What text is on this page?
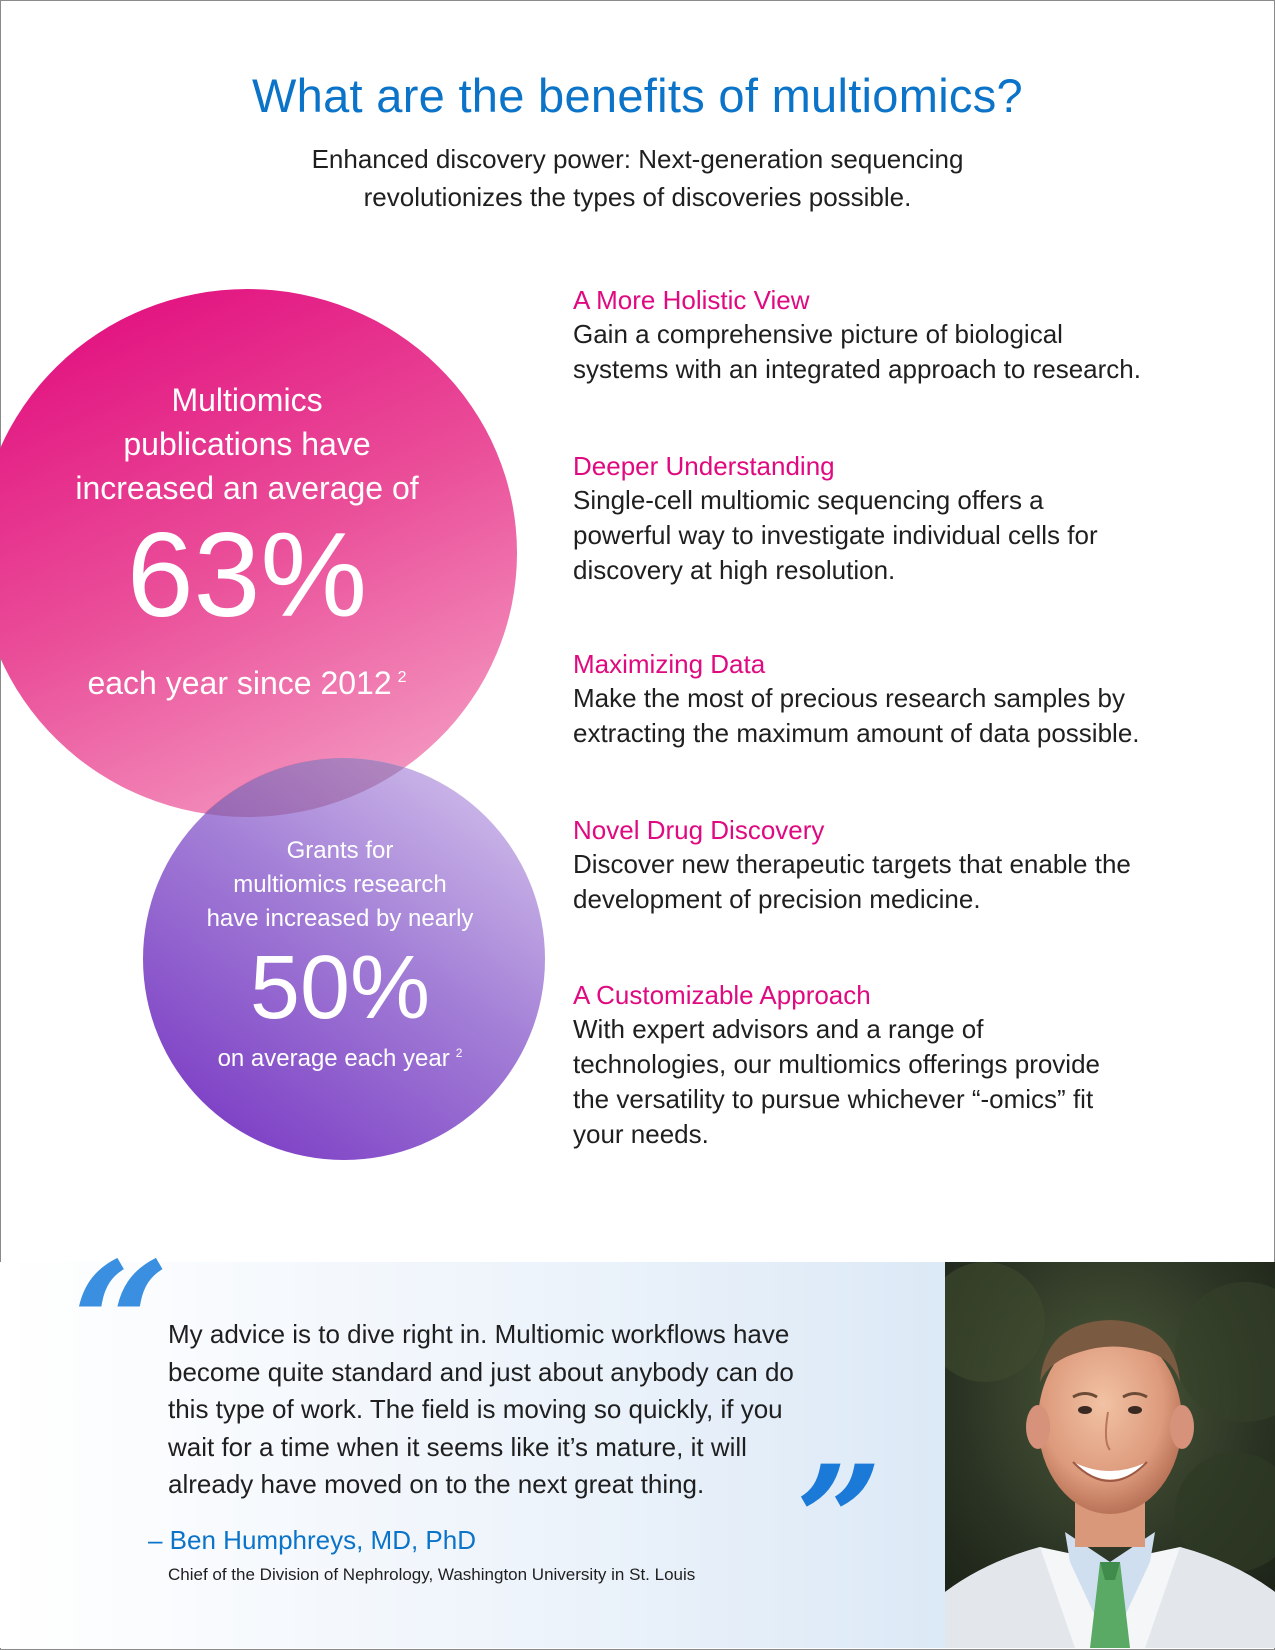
What are the benefits of multiomics?
Enhanced discovery power: Next-generation sequencing
revolutionizes the types of discoveries possible.
Multiomics
publications have
increased an average of
63%
each year since 2012 $^2$
Grants for
multiomics research
have increased by nearly
50%
on average each year $^2$
A More Holistic View
Gain a comprehensive picture of biological
systems with an integrated approach to research.
Deeper Understanding
Single-cell multiomic sequencing offers a
powerful way to investigate individual cells for
discovery at high resolution.
Maximizing Data
Make the most of precious research samples by
extracting the maximum amount of data possible.
Novel Drug Discovery
Discover new therapeutic targets that enable the
development of precision medicine.
A Customizable Approach
With expert advisors and a range of
technologies, our multiomics offerings provide
the versatility to pursue whichever “-omics” fit
your needs.
“
My advice is to dive right in. Multiomic workflows have
become quite standard and just about anybody can do
this type of work. The field is moving so quickly, if you
wait for a time when it seems like it’s mature, it will
already have moved on to the next great thing. ”
– Ben Humphreys, MD, PhD
Chief of the Division of Nephrology, Washington University in St. Louis
